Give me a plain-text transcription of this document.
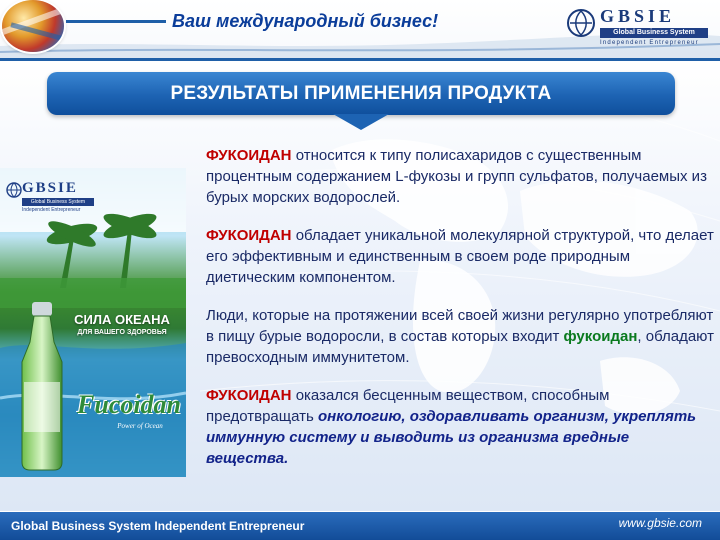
Ваш международный бизнес!	GBSIE
Global Business System
Independent Entrepreneur
РЕЗУЛЬТАТЫ ПРИМЕНЕНИЯ ПРОДУКТА
GBSIE
Global Business System
Independent Entrepreneur
СИЛА ОКЕАНА
ДЛЯ ВАШЕГО ЗДОРОВЬЯ
Fucoidan
Power of Ocean

ФУКОИДАН относится к типу полисахаридов с существенным процентным содержанием L-фукозы и групп сульфатов, получаемых из бурых морских водорослей.

ФУКОИДАН обладает уникальной молекулярной структурой, что делает его эффективным и единственным в своем роде природным диетическим компонентом.

Люди, которые на протяжении всей своей жизни регулярно употребляют в пищу бурые водоросли, в состав которых входит фукоидан, обладают превосходным иммунитетом.

ФУКОИДАН оказался бесценным веществом, способным предотвращать онкологию, оздоравливать организм, укреплять иммунную систему и выводить из организма вредные вещества.

Global Business System Independent Entrepreneur	www.gbsie.com
